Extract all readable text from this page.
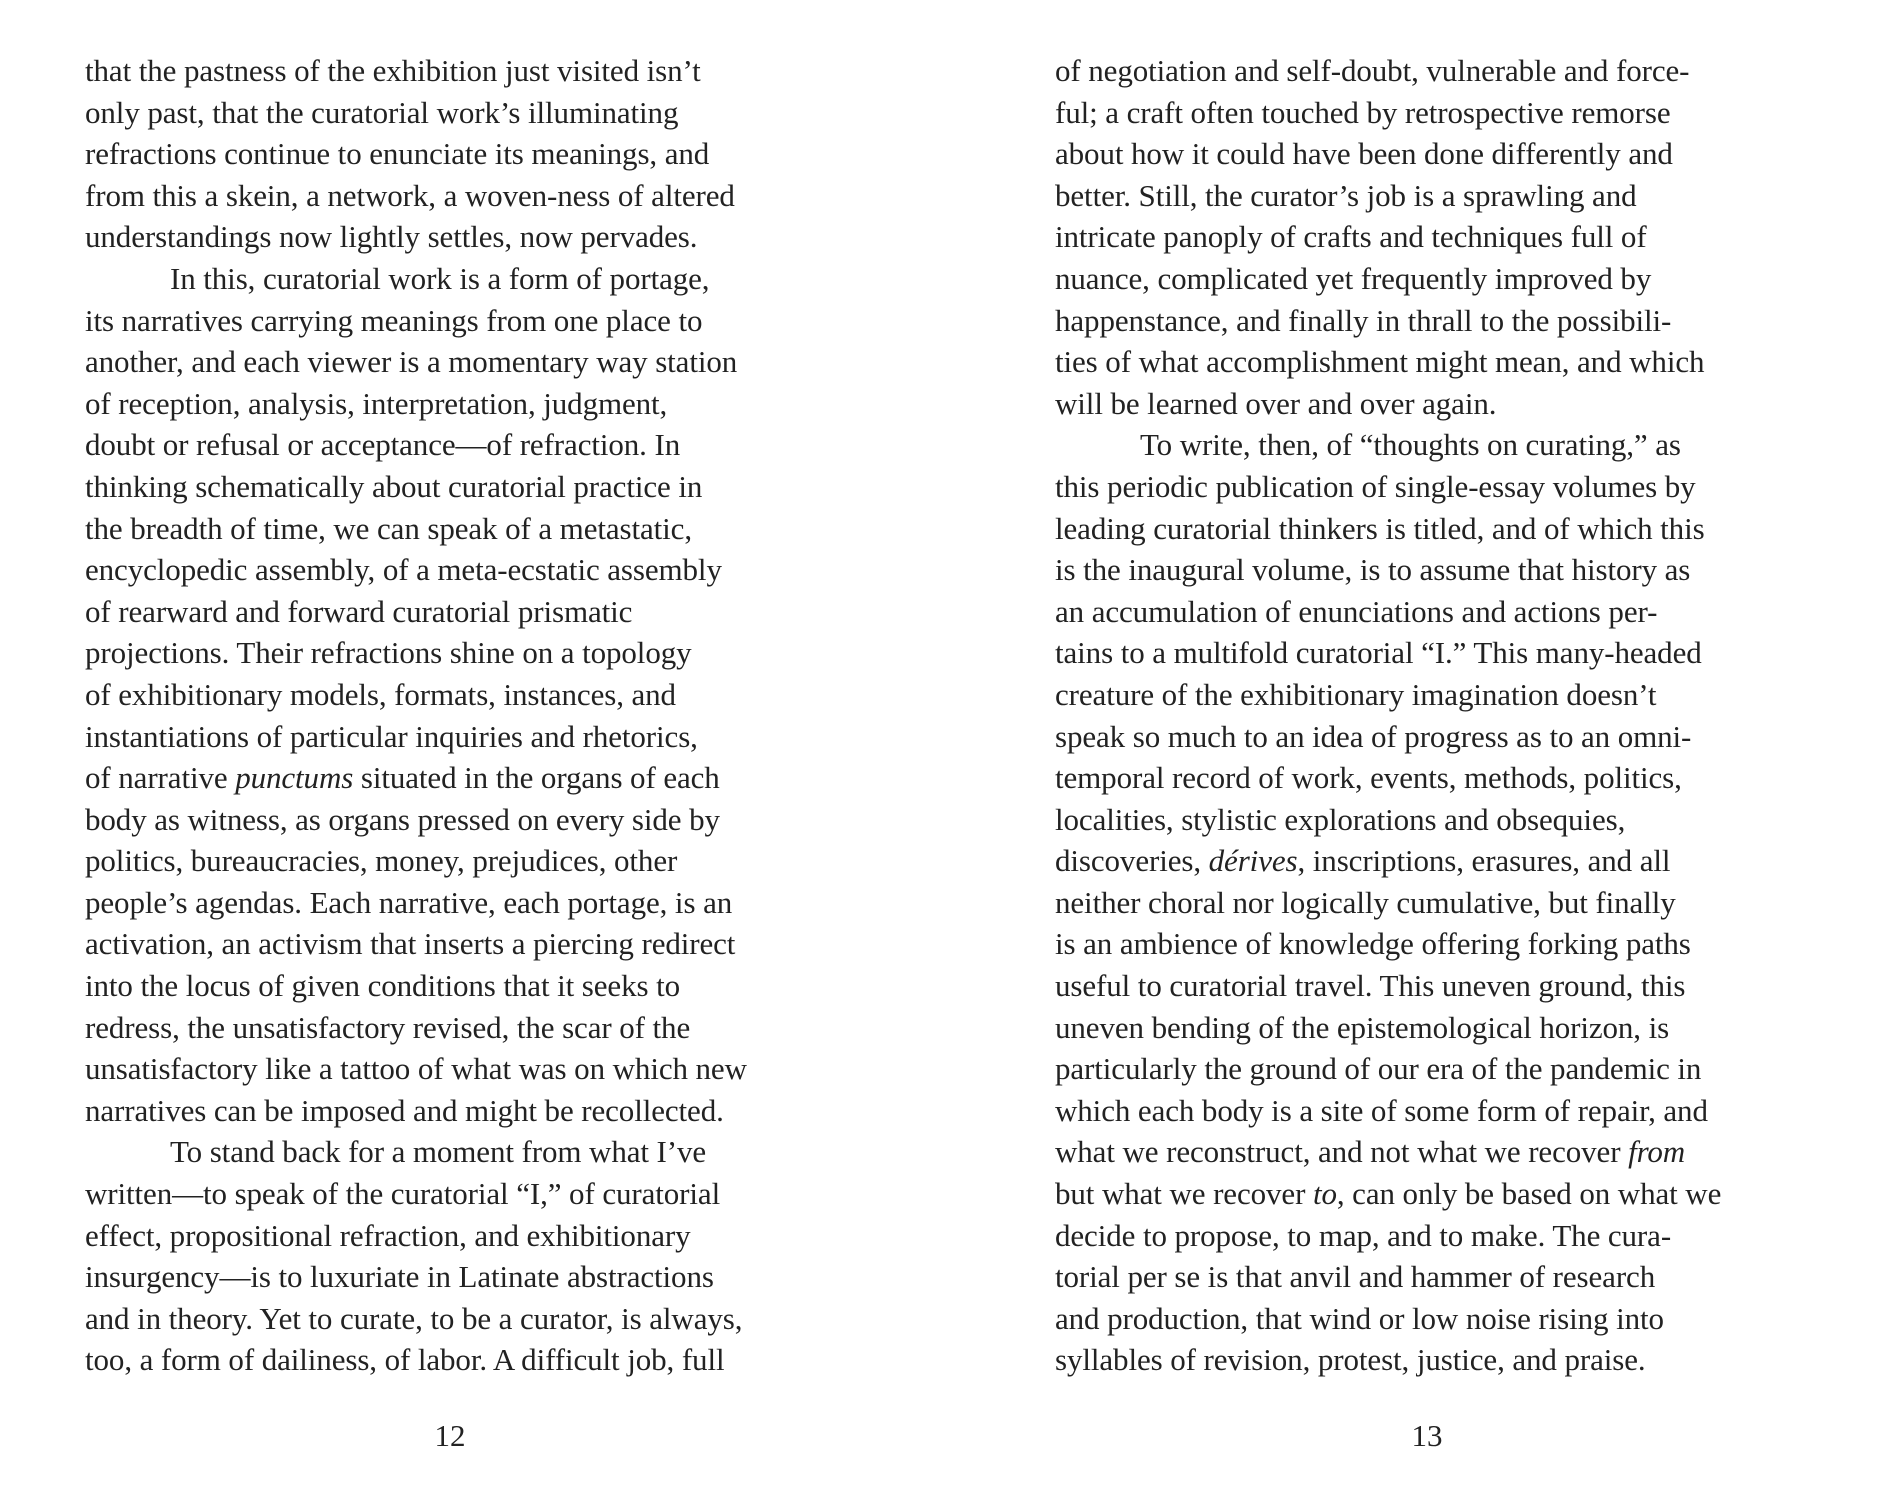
that the pastness of the exhibition just visited isn’t
only past, that the curatorial work’s illuminating
refractions continue to enunciate its meanings, and
from this a skein, a network, a woven-ness of altered
understandings now lightly settles, now pervades.
In this, curatorial work is a form of portage,
its narratives carrying meanings from one place to
another, and each viewer is a momentary way station
of reception, analysis, interpretation, judgment,
doubt or refusal or acceptance—of refraction. In
thinking schematically about curatorial practice in
the breadth of time, we can speak of a metastatic,
encyclopedic assembly, of a meta-ecstatic assembly
of rearward and forward curatorial prismatic
projections. Their refractions shine on a topology
of exhibitionary models, formats, instances, and
instantiations of particular inquiries and rhetorics,
of narrative punctums situated in the organs of each
body as witness, as organs pressed on every side by
politics, bureaucracies, money, prejudices, other
people’s agendas. Each narrative, each portage, is an
activation, an activism that inserts a piercing redirect
into the locus of given conditions that it seeks to
redress, the unsatisfactory revised, the scar of the
unsatisfactory like a tattoo of what was on which new
narratives can be imposed and might be recollected.
To stand back for a moment from what I’ve
written—to speak of the curatorial “I,” of curatorial
effect, propositional refraction, and exhibitionary
insurgency—is to luxuriate in Latinate abstractions
and in theory. Yet to curate, to be a curator, is always,
too, a form of dailiness, of labor. A difficult job, full
12
of negotiation and self-doubt, vulnerable and force-
ful; a craft often touched by retrospective remorse
about how it could have been done differently and
better. Still, the curator’s job is a sprawling and
intricate panoply of crafts and techniques full of
nuance, complicated yet frequently improved by
happenstance, and finally in thrall to the possibili-
ties of what accomplishment might mean, and which
will be learned over and over again.
To write, then, of “thoughts on curating,” as
this periodic publication of single-essay volumes by
leading curatorial thinkers is titled, and of which this
is the inaugural volume, is to assume that history as
an accumulation of enunciations and actions per-
tains to a multifold curatorial “I.” This many-headed
creature of the exhibitionary imagination doesn’t
speak so much to an idea of progress as to an omni-
temporal record of work, events, methods, politics,
localities, stylistic explorations and obsequies,
discoveries, dérives, inscriptions, erasures, and all
neither choral nor logically cumulative, but finally
is an ambience of knowledge offering forking paths
useful to curatorial travel. This uneven ground, this
uneven bending of the epistemological horizon, is
particularly the ground of our era of the pandemic in
which each body is a site of some form of repair, and
what we reconstruct, and not what we recover from
but what we recover to, can only be based on what we
decide to propose, to map, and to make. The cura-
torial per se is that anvil and hammer of research
and production, that wind or low noise rising into
syllables of revision, protest, justice, and praise.
13
